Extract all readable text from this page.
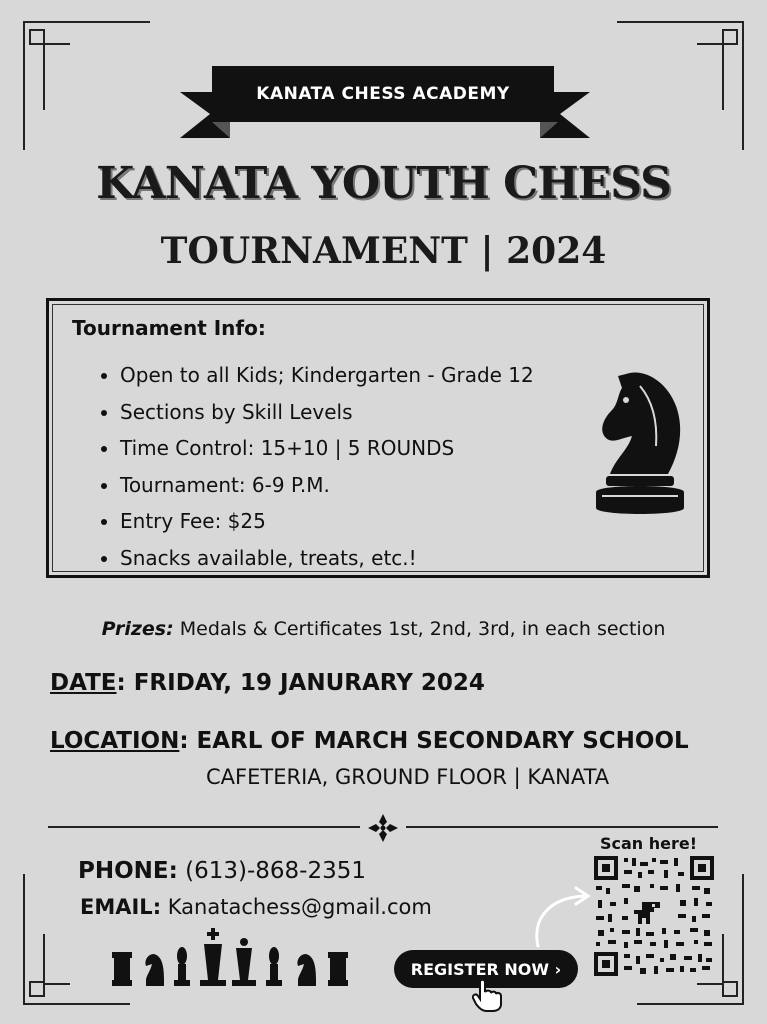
KANATA CHESS ACADEMY
KANATA YOUTH CHESS
TOURNAMENT | 2024
Tournament Info:
• Open to all Kids; Kindergarten - Grade 12
• Sections by Skill Levels
• Time Control: 15+10 | 5 ROUNDS
• Tournament: 6-9 P.M.
• Entry Fee: $25
• Snacks available, treats, etc.!
Prizes: Medals & Certificates 1st, 2nd, 3rd, in each section
DATE: FRIDAY, 19 JANURARY 2024
LOCATION: EARL OF MARCH SECONDARY SCHOOL
CAFETERIA, GROUND FLOOR | KANATA
PHONE: (613)-868-2351
EMAIL: Kanatachess@gmail.com
REGISTER NOW ›
Scan here!
